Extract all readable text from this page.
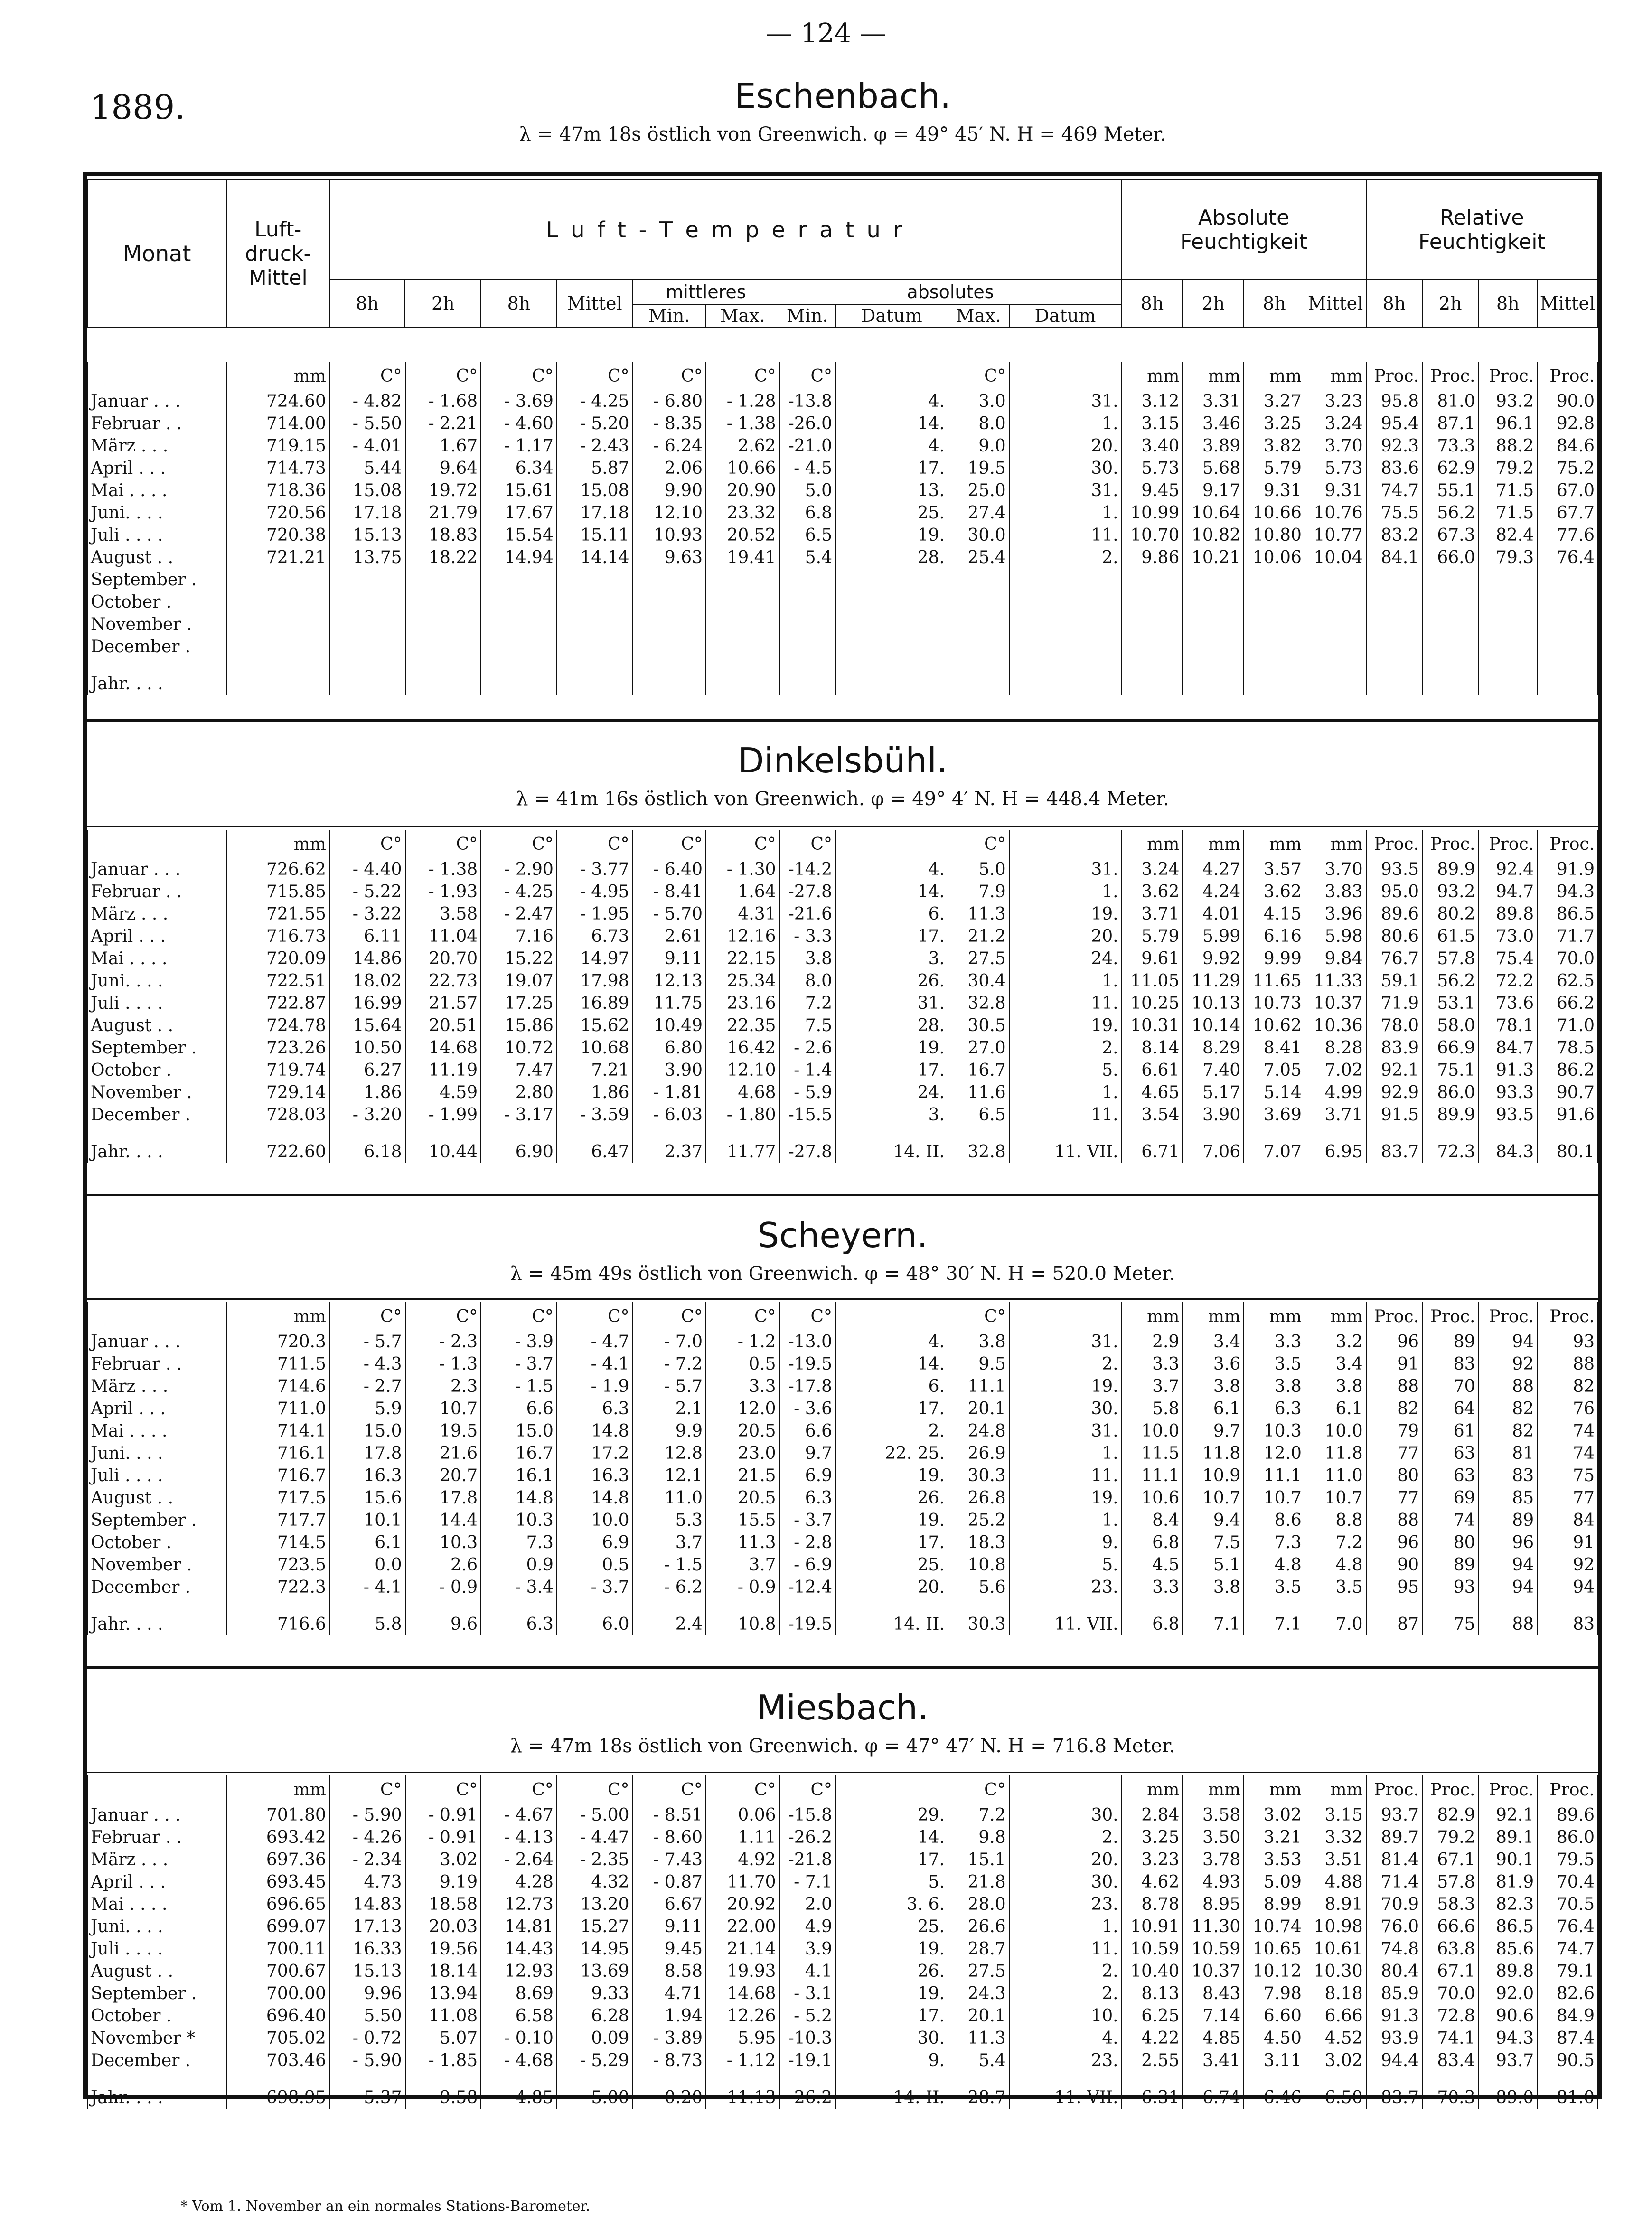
— 124 —
1889.	Eschenbach.
λ = 47m 18s östlich von Greenwich. φ = 49° 45′ N. H = 469 Meter.
Monat	Luft-druck-Mittel	L u f t - T e m p e r a t u r										Absolute Feuchtigkeit				Relative Feuchtigkeit			
		8h	2h	8h	Mittel	mittleres		absolutes				8h	2h	8h	Mittel	8h	2h	8h	Mittel
						Min.	Max.	Min.	Datum	Max.	Datum								
	mm	C°	C°	C°	C°	C°	C°	C°		C°		mm	mm	mm	mm	Proc.	Proc.	Proc.	Proc.
Januar . . .	724.60	- 4.82	- 1.68	- 3.69	- 4.25	- 6.80	- 1.28	-13.8	4.	3.0	31.	3.12	3.31	3.27	3.23	95.8	81.0	93.2	90.0
Februar . .	714.00	- 5.50	- 2.21	- 4.60	- 5.20	- 8.35	- 1.38	-26.0	14.	8.0	1.	3.15	3.46	3.25	3.24	95.4	87.1	96.1	92.8
März . . .	719.15	- 4.01	1.67	- 1.17	- 2.43	- 6.24	2.62	-21.0	4.	9.0	20.	3.40	3.89	3.82	3.70	92.3	73.3	88.2	84.6
April . . .	714.73	5.44	9.64	6.34	5.87	2.06	10.66	- 4.5	17.	19.5	30.	5.73	5.68	5.79	5.73	83.6	62.9	79.2	75.2
Mai . . . .	718.36	15.08	19.72	15.61	15.08	9.90	20.90	5.0	13.	25.0	31.	9.45	9.17	9.31	9.31	74.7	55.1	71.5	67.0
Juni. . . .	720.56	17.18	21.79	17.67	17.18	12.10	23.32	6.8	25.	27.4	1.	10.99	10.64	10.66	10.76	75.5	56.2	71.5	67.7
Juli . . . .	720.38	15.13	18.83	15.54	15.11	10.93	20.52	6.5	19.	30.0	11.	10.70	10.82	10.80	10.77	83.2	67.3	82.4	77.6
August . .	721.21	13.75	18.22	14.94	14.14	9.63	19.41	5.4	28.	25.4	2.	9.86	10.21	10.06	10.04	84.1	66.0	79.3	76.4
September .																			
October .																			
November .																			
December .																			
Jahr. . . .																			
Dinkelsbühl.
λ = 41m 16s östlich von Greenwich. φ = 49° 4′ N. H = 448.4 Meter.
	mm	C°	C°	C°	C°	C°	C°	C°		C°		mm	mm	mm	mm	Proc.	Proc.	Proc.	Proc.
Januar . . .	726.62	- 4.40	- 1.38	- 2.90	- 3.77	- 6.40	- 1.30	-14.2	4.	5.0	31.	3.24	4.27	3.57	3.70	93.5	89.9	92.4	91.9
Februar . .	715.85	- 5.22	- 1.93	- 4.25	- 4.95	- 8.41	1.64	-27.8	14.	7.9	1.	3.62	4.24	3.62	3.83	95.0	93.2	94.7	94.3
März . . .	721.55	- 3.22	3.58	- 2.47	- 1.95	- 5.70	4.31	-21.6	6.	11.3	19.	3.71	4.01	4.15	3.96	89.6	80.2	89.8	86.5
April . . .	716.73	6.11	11.04	7.16	6.73	2.61	12.16	- 3.3	17.	21.2	20.	5.79	5.99	6.16	5.98	80.6	61.5	73.0	71.7
Mai . . . .	720.09	14.86	20.70	15.22	14.97	9.11	22.15	3.8	3.	27.5	24.	9.61	9.92	9.99	9.84	76.7	57.8	75.4	70.0
Juni. . . .	722.51	18.02	22.73	19.07	17.98	12.13	25.34	8.0	26.	30.4	1.	11.05	11.29	11.65	11.33	59.1	56.2	72.2	62.5
Juli . . . .	722.87	16.99	21.57	17.25	16.89	11.75	23.16	7.2	31.	32.8	11.	10.25	10.13	10.73	10.37	71.9	53.1	73.6	66.2
August . .	724.78	15.64	20.51	15.86	15.62	10.49	22.35	7.5	28.	30.5	19.	10.31	10.14	10.62	10.36	78.0	58.0	78.1	71.0
September .	723.26	10.50	14.68	10.72	10.68	6.80	16.42	- 2.6	19.	27.0	2.	8.14	8.29	8.41	8.28	83.9	66.9	84.7	78.5
October .	719.74	6.27	11.19	7.47	7.21	3.90	12.10	- 1.4	17.	16.7	5.	6.61	7.40	7.05	7.02	92.1	75.1	91.3	86.2
November .	729.14	1.86	4.59	2.80	1.86	- 1.81	4.68	- 5.9	24.	11.6	1.	4.65	5.17	5.14	4.99	92.9	86.0	93.3	90.7
December .	728.03	- 3.20	- 1.99	- 3.17	- 3.59	- 6.03	- 1.80	-15.5	3.	6.5	11.	3.54	3.90	3.69	3.71	91.5	89.9	93.5	91.6
Jahr. . . .	722.60	6.18	10.44	6.90	6.47	2.37	11.77	-27.8	14. II.	32.8	11. VII.	6.71	7.06	7.07	6.95	83.7	72.3	84.3	80.1
Scheyern.
λ = 45m 49s östlich von Greenwich. φ = 48° 30′ N. H = 520.0 Meter.
	mm	C°	C°	C°	C°	C°	C°	C°		C°		mm	mm	mm	mm	Proc.	Proc.	Proc.	Proc.
Januar . . .	720.3	- 5.7	- 2.3	- 3.9	- 4.7	- 7.0	- 1.2	-13.0	4.	3.8	31.	2.9	3.4	3.3	3.2	96	89	94	93
Februar . .	711.5	- 4.3	- 1.3	- 3.7	- 4.1	- 7.2	0.5	-19.5	14.	9.5	2.	3.3	3.6	3.5	3.4	91	83	92	88
März . . .	714.6	- 2.7	2.3	- 1.5	- 1.9	- 5.7	3.3	-17.8	6.	11.1	19.	3.7	3.8	3.8	3.8	88	70	88	82
April . . .	711.0	5.9	10.7	6.6	6.3	2.1	12.0	- 3.6	17.	20.1	30.	5.8	6.1	6.3	6.1	82	64	82	76
Mai . . . .	714.1	15.0	19.5	15.0	14.8	9.9	20.5	6.6	2.	24.8	31.	10.0	9.7	10.3	10.0	79	61	82	74
Juni. . . .	716.1	17.8	21.6	16.7	17.2	12.8	23.0	9.7	22. 25.	26.9	1.	11.5	11.8	12.0	11.8	77	63	81	74
Juli . . . .	716.7	16.3	20.7	16.1	16.3	12.1	21.5	6.9	19.	30.3	11.	11.1	10.9	11.1	11.0	80	63	83	75
August . .	717.5	15.6	17.8	14.8	14.8	11.0	20.5	6.3	26.	26.8	19.	10.6	10.7	10.7	10.7	77	69	85	77
September .	717.7	10.1	14.4	10.3	10.0	5.3	15.5	- 3.7	19.	25.2	1.	8.4	9.4	8.6	8.8	88	74	89	84
October .	714.5	6.1	10.3	7.3	6.9	3.7	11.3	- 2.8	17.	18.3	9.	6.8	7.5	7.3	7.2	96	80	96	91
November .	723.5	0.0	2.6	0.9	0.5	- 1.5	3.7	- 6.9	25.	10.8	5.	4.5	5.1	4.8	4.8	90	89	94	92
December .	722.3	- 4.1	- 0.9	- 3.4	- 3.7	- 6.2	- 0.9	-12.4	20.	5.6	23.	3.3	3.8	3.5	3.5	95	93	94	94
Jahr. . . .	716.6	5.8	9.6	6.3	6.0	2.4	10.8	-19.5	14. II.	30.3	11. VII.	6.8	7.1	7.1	7.0	87	75	88	83
Miesbach.
λ = 47m 18s östlich von Greenwich. φ = 47° 47′ N. H = 716.8 Meter.
	mm	C°	C°	C°	C°	C°	C°	C°		C°		mm	mm	mm	mm	Proc.	Proc.	Proc.	Proc.
Januar . . .	701.80	- 5.90	- 0.91	- 4.67	- 5.00	- 8.51	0.06	-15.8	29.	7.2	30.	2.84	3.58	3.02	3.15	93.7	82.9	92.1	89.6
Februar . .	693.42	- 4.26	- 0.91	- 4.13	- 4.47	- 8.60	1.11	-26.2	14.	9.8	2.	3.25	3.50	3.21	3.32	89.7	79.2	89.1	86.0
März . . .	697.36	- 2.34	3.02	- 2.64	- 2.35	- 7.43	4.92	-21.8	17.	15.1	20.	3.23	3.78	3.53	3.51	81.4	67.1	90.1	79.5
April . . .	693.45	4.73	9.19	4.28	4.32	- 0.87	11.70	- 7.1	5.	21.8	30.	4.62	4.93	5.09	4.88	71.4	57.8	81.9	70.4
Mai . . . .	696.65	14.83	18.58	12.73	13.20	6.67	20.92	2.0	3. 6.	28.0	23.	8.78	8.95	8.99	8.91	70.9	58.3	82.3	70.5
Juni. . . .	699.07	17.13	20.03	14.81	15.27	9.11	22.00	4.9	25.	26.6	1.	10.91	11.30	10.74	10.98	76.0	66.6	86.5	76.4
Juli . . . .	700.11	16.33	19.56	14.43	14.95	9.45	21.14	3.9	19.	28.7	11.	10.59	10.59	10.65	10.61	74.8	63.8	85.6	74.7
August . .	700.67	15.13	18.14	12.93	13.69	8.58	19.93	4.1	26.	27.5	2.	10.40	10.37	10.12	10.30	80.4	67.1	89.8	79.1
September .	700.00	9.96	13.94	8.69	9.33	4.71	14.68	- 3.1	19.	24.3	2.	8.13	8.43	7.98	8.18	85.9	70.0	92.0	82.6
October .	696.40	5.50	11.08	6.58	6.28	1.94	12.26	- 5.2	17.	20.1	10.	6.25	7.14	6.60	6.66	91.3	72.8	90.6	84.9
November *	705.02	- 0.72	5.07	- 0.10	0.09	- 3.89	5.95	-10.3	30.	11.3	4.	4.22	4.85	4.50	4.52	93.9	74.1	94.3	87.4
December .	703.46	- 5.90	- 1.85	- 4.68	- 5.29	- 8.73	- 1.12	-19.1	9.	5.4	23.	2.55	3.41	3.11	3.02	94.4	83.4	93.7	90.5
Jahr. . . .	698.95	5.37	9.58	4.85	5.00	0.20	11.13	-26.2	14. II.	28.7	11. VII.	6.31	6.74	6.46	6.50	83.7	70.3	89.0	81.0
* Vom 1. November an ein normales Stations-Barometer.
